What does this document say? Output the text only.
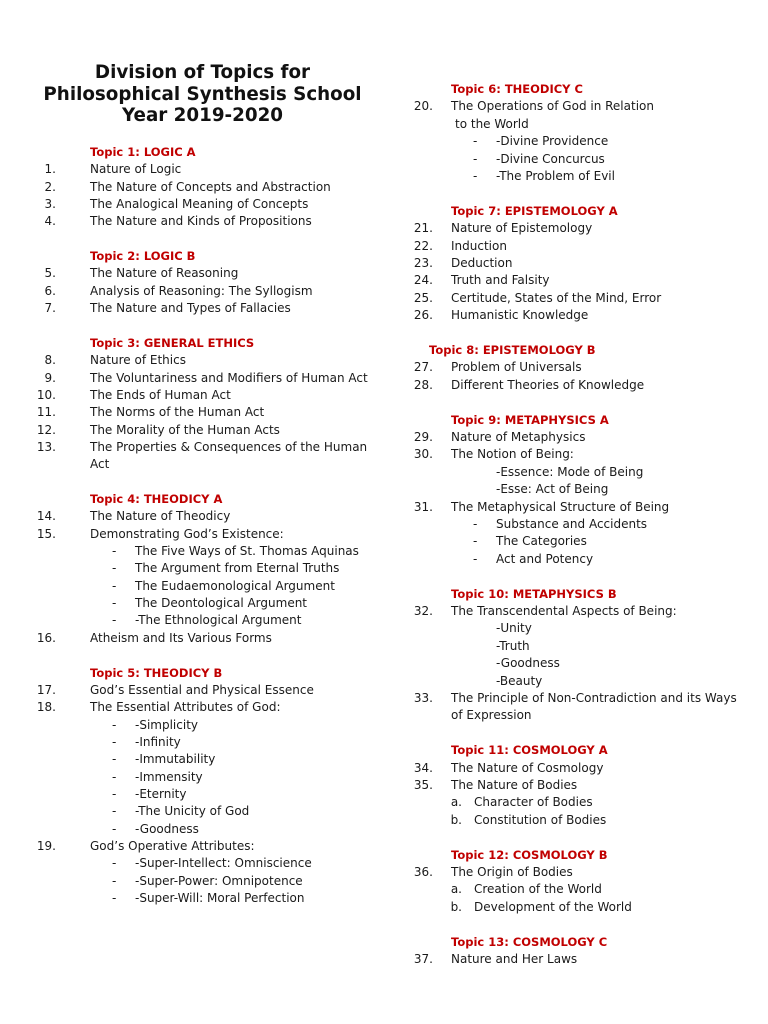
Division of Topics for
Philosophical Synthesis School
Year 2019-2020
Topic 1: LOGIC A
1.	Nature of Logic
2.	The Nature of Concepts and Abstraction
3.	The Analogical Meaning of Concepts
4.	The Nature and Kinds of Propositions
Topic 2: LOGIC B
5.	The Nature of Reasoning
6.	Analysis of Reasoning: The Syllogism
7.	The Nature and Types of Fallacies
Topic 3: GENERAL ETHICS
8.	Nature of Ethics
9.	The Voluntariness and Modifiers of Human Act
10.	The Ends of Human Act
11.	The Norms of the Human Act
12.	The Morality of the Human Acts
13.	The Properties & Consequences of the Human
Act
Topic 4: THEODICY A
14.	The Nature of Theodicy
15.	Demonstrating God’s Existence:
- The Five Ways of St. Thomas Aquinas
- The Argument from Eternal Truths
- The Eudaemonological Argument
- The Deontological Argument
- -The Ethnological Argument
16.	Atheism and Its Various Forms
Topic 5: THEODICY B
17.	God’s Essential and Physical Essence
18.	The Essential Attributes of God:
- -Simplicity
- -Infinity
- -Immutability
- -Immensity
- -Eternity
- -The Unicity of God
- -Goodness
19.	God’s Operative Attributes:
- -Super-Intellect: Omniscience
- -Super-Power: Omnipotence
- -Super-Will: Moral Perfection
Topic 6: THEODICY C
20. The Operations of God in Relation
to the World
- -Divine Providence
- -Divine Concurcus
- -The Problem of Evil
Topic 7: EPISTEMOLOGY A
21. Nature of Epistemology
22. Induction
23. Deduction
24. Truth and Falsity
25. Certitude, States of the Mind, Error
26. Humanistic Knowledge
Topic 8: EPISTEMOLOGY B
27. Problem of Universals
28. Different Theories of Knowledge
Topic 9: METAPHYSICS A
29. Nature of Metaphysics
30. The Notion of Being:
-Essence: Mode of Being
-Esse: Act of Being
31. The Metaphysical Structure of Being
- Substance and Accidents
- The Categories
- Act and Potency
Topic 10: METAPHYSICS B
32. The Transcendental Aspects of Being:
-Unity
-Truth
-Goodness
-Beauty
33. The Principle of Non-Contradiction and its Ways
of Expression
Topic 11: COSMOLOGY A
34. The Nature of Cosmology
35. The Nature of Bodies
a. Character of Bodies
b. Constitution of Bodies
Topic 12: COSMOLOGY B
36. The Origin of Bodies
a. Creation of the World
b. Development of the World
Topic 13: COSMOLOGY C
37. Nature and Her Laws
